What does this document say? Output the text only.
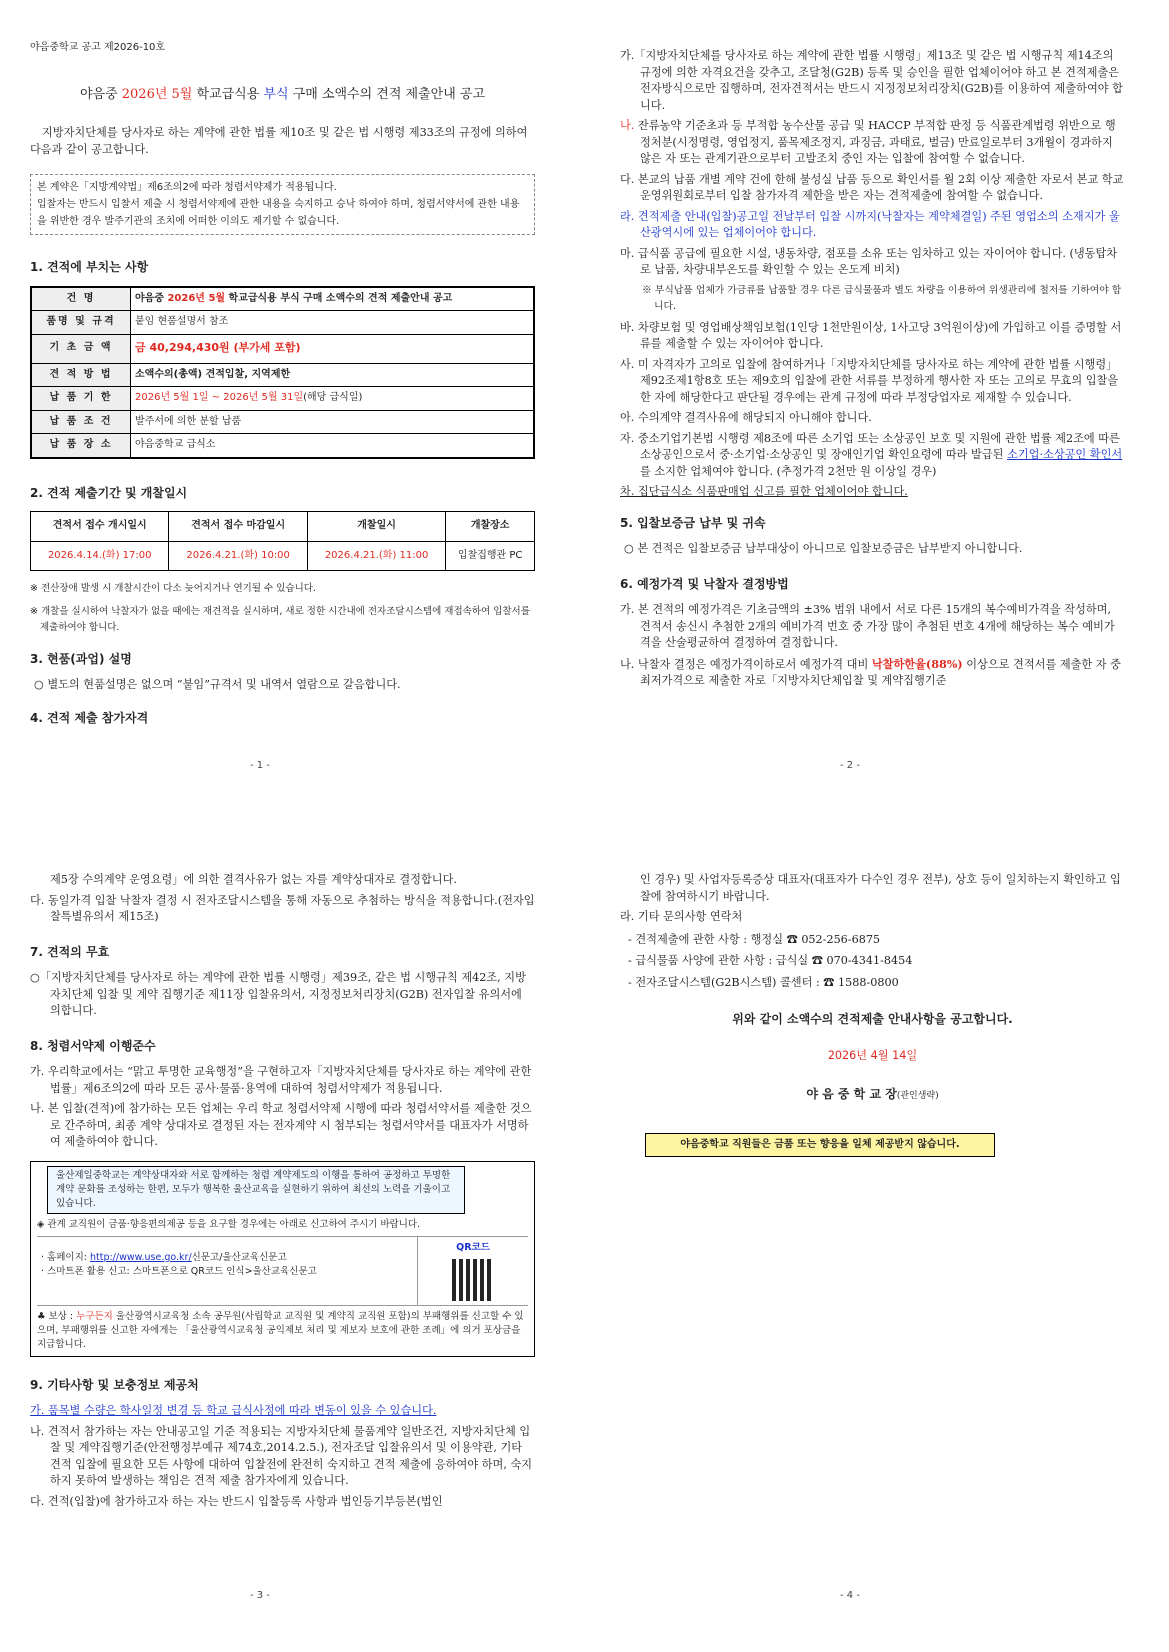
야음중학교 공고 제2026-10호
야음중 2026년 5월 학교급식용 부식 구매 소액수의 견적 제출안내 공고
지방자치단체를 당사자로 하는 계약에 관한 법률 제10조 및 같은 법 시행령 제33조의 규정에 의하여 다음과 같이 공고합니다.
본 계약은「지방계약법」제6조의2에 따라 청렴서약제가 적용됩니다.
입찰자는 반드시 입찰서 제출 시 청렴서약제에 관한 내용을 숙지하고 승낙 하여야 하며, 청렴서약서에 관한 내용을 위반한 경우 발주기관의 조치에 어떠한 이의도 제기할 수 없습니다.
1. 견적에 부치는 사항
건 명	야음중 2026년 5월 학교급식용 부식 구매 소액수의 견적 제출안내 공고
품명 및 규격	붙임 현품설명서 참조
기 초 금 액	금 40,294,430원 (부가세 포함)
견 적 방 법	소액수의(총액) 견적입찰, 지역제한
납 품 기 한	2026년 5월 1일 ~ 2026년 5월 31일(해당 급식일)
납 품 조 건	발주서에 의한 분할 납품
납 품 장 소	야음중학교 급식소
2. 견적 제출기간 및 개찰일시
견적서 접수 개시일시	견적서 접수 마감일시	개찰일시	개찰장소
2026.4.14.(화) 17:00	2026.4.21.(화) 10:00	2026.4.21.(화) 11:00	입찰집행관 PC
※ 전산장애 발생 시 개찰시간이 다소 늦어지거나 연기될 수 있습니다.
※ 개찰을 실시하여 낙찰자가 없을 때에는 재견적을 실시하며, 새로 정한 시간내에 전자조달시스템에 재접속하여 입찰서를 제출하여야 합니다.
3. 현품(과업) 설명
○ 별도의 현품설명은 없으며 “붙임”규격서 및 내역서 열람으로 갈음합니다.
4. 견적 제출 참가자격
- 1 -
가.「지방자치단체를 당사자로 하는 계약에 관한 법률 시행령」제13조 및 같은 법 시행규칙 제14조의 규정에 의한 자격요건을 갖추고, 조달청(G2B) 등록 및 승인을 필한 업체이어야 하고 본 견적제출은 전자방식으로만 집행하며, 전자견적서는 반드시 지정정보처리장치(G2B)를 이용하여 제출하여야 합니다.
나. 잔류농약 기준초과 등 부적합 농수산물 공급 및 HACCP 부적합 판정 등 식품관계법령 위반으로 행정처분(시정명령, 영업정지, 품목제조정지, 과징금, 과태료, 벌금) 만료일로부터 3개월이 경과하지 않은 자 또는 관계기관으로부터 고발조치 중인 자는 입찰에 참여할 수 없습니다.
다. 본교의 납품 개별 계약 건에 한해 불성실 납품 등으로 확인서를 월 2회 이상 제출한 자로서 본교 학교운영위원회로부터 입찰 참가자격 제한을 받은 자는 견적제출에 참여할 수 없습니다.
라. 견적제출 안내(입찰)공고일 전날부터 입찰 시까지(낙찰자는 계약체결일) 주된 영업소의 소재지가 울산광역시에 있는 업체이어야 합니다.
마. 급식품 공급에 필요한 시설, 냉동차량, 점포를 소유 또는 임차하고 있는 자이어야 합니다. (냉동탑차로 납품, 차량내부온도를 확인할 수 있는 온도계 비치)
※ 부식납품 업체가 가금류를 납품할 경우 다른 급식물품과 별도 차량을 이용하여 위생관리에 철저를 기하여야 합니다.
바. 차량보험 및 영업배상책임보험(1인당 1천만원이상, 1사고당 3억원이상)에 가입하고 이를 증명할 서류를 제출할 수 있는 자이어야 합니다.
사. 미 자격자가 고의로 입찰에 참여하거나「지방자치단체를 당사자로 하는 계약에 관한 법률 시행령」제92조제1항8호 또는 제9호의 입찰에 관한 서류를 부정하게 행사한 자 또는 고의로 무효의 입찰을 한 자에 해당한다고 판단될 경우에는 관계 규정에 따라 부정당업자로 제재할 수 있습니다.
아. 수의계약 결격사유에 해당되지 아니해야 합니다.
자. 중소기업기본법 시행령 제8조에 따른 소기업 또는 소상공인 보호 및 지원에 관한 법률 제2조에 따른 소상공인으로서 중·소기업·소상공인 및 장애인기업 확인요령에 따라 발급된 소기업·소상공인 확인서를 소지한 업체여야 합니다. (추정가격 2천만 원 이상일 경우)
차. 집단급식소 식품판매업 신고를 필한 업체이어야 합니다.
5. 입찰보증금 납부 및 귀속
○ 본 견적은 입찰보증금 납부대상이 아니므로 입찰보증금은 납부받지 아니합니다.
6. 예정가격 및 낙찰자 결정방법
가. 본 견적의 예정가격은 기초금액의 ±3% 범위 내에서 서로 다른 15개의 복수예비가격을 작성하며, 견적서 송신시 추첨한 2개의 예비가격 번호 중 가장 많이 추첨된 번호 4개에 해당하는 복수 예비가격을 산술평균하여 결정하여 결정합니다.
나. 낙찰자 결정은 예정가격이하로서 예정가격 대비 낙찰하한율(88%) 이상으로 견적서를 제출한 자 중 최저가격으로 제출한 자로「지방자치단체입찰 및 계약집행기준
- 2 -
제5장 수의계약 운영요령」에 의한 결격사유가 없는 자를 계약상대자로 결정합니다.
다. 동일가격 입찰 낙찰자 결정 시 전자조달시스템을 통해 자동으로 추첨하는 방식을 적용합니다.(전자입찰특별유의서 제15조)
7. 견적의 무효
○「지방자치단체를 당사자로 하는 계약에 관한 법률 시행령」제39조, 같은 법 시행규칙 제42조, 지방자치단체 입찰 및 계약 집행기준 제11장 입찰유의서, 지정정보처리장치(G2B) 전자입찰 유의서에 의합니다.
8. 청렴서약제 이행준수
가. 우리학교에서는 “맑고 투명한 교육행정”을 구현하고자「지방자치단체를 당사자로 하는 계약에 관한 법률」제6조의2에 따라 모든 공사·물품·용역에 대하여 청렴서약제가 적용됩니다.
나. 본 입찰(견적)에 참가하는 모든 업체는 우리 학교 청렴서약제 시행에 따라 청렴서약서를 제출한 것으로 간주하며, 최종 계약 상대자로 결정된 자는 전자계약 시 첨부되는 청렴서약서를 대표자가 서명하여 제출하여야 합니다.
울산제일중학교는 계약상대자와 서로 함께하는 청렴 계약제도의 이행을 통하여 공정하고 투명한 계약 문화를 조성하는 한편, 모두가 행복한 울산교육을 실현하기 위하여 최선의 노력을 기울이고 있습니다.
◈ 관계 교직원이 금품·향응편의제공 등을 요구할 경우에는 아래로 신고하여 주시기 바랍니다.
· 홈페이지: http://www.use.go.kr/신문고/울산교육신문고
· 스마트폰 활용 신고: 스마트폰으로 QR코드 인식>울산교육신문고
QR코드
♣ 보상 : 누구든지 울산광역시교육청 소속 공무원(사립학교 교직원 및 계약직 교직원 포함)의 부패행위를 신고할 수 있으며, 부패행위를 신고한 자에게는 「울산광역시교육청 공익제보 처리 및 제보자 보호에 관한 조례」에 의거 포상금을 지급합니다.
9. 기타사항 및 보충정보 제공처
가. 품목별 수량은 학사일정 변경 등 학교 급식사정에 따라 변동이 있을 수 있습니다.
나. 견적서 참가하는 자는 안내공고일 기준 적용되는 지방자치단체 물품계약 일반조건, 지방자치단체 입찰 및 계약집행기준(안전행정부예규 제74호,2014.2.5.), 전자조달 입찰유의서 및 이용약관, 기타 견적 입찰에 필요한 모든 사항에 대하여 입찰전에 완전히 숙지하고 견적 제출에 응하여야 하며, 숙지하지 못하여 발생하는 책임은 견적 제출 참가자에게 있습니다.
다. 견적(입찰)에 참가하고자 하는 자는 반드시 입찰등록 사항과 법인등기부등본(법인
- 3 -
인 경우) 및 사업자등록증상 대표자(대표자가 다수인 경우 전부), 상호 등이 일치하는지 확인하고 입찰에 참여하시기 바랍니다.
라. 기타 문의사항 연락처
- 견적제출에 관한 사항 : 행정실 ☎ 052-256-6875
- 급식물품 사양에 관한 사항 : 급식실 ☎ 070-4341-8454
- 전자조달시스템(G2B시스템) 콜센터 : ☎ 1588-0800
위와 같이 소액수의 견적제출 안내사항을 공고합니다.
2026년 4월 14일
야 음 중 학 교 장(관인생략)
야음중학교 직원들은 금품 또는 향응을 일체 제공받지 않습니다.
- 4 -
